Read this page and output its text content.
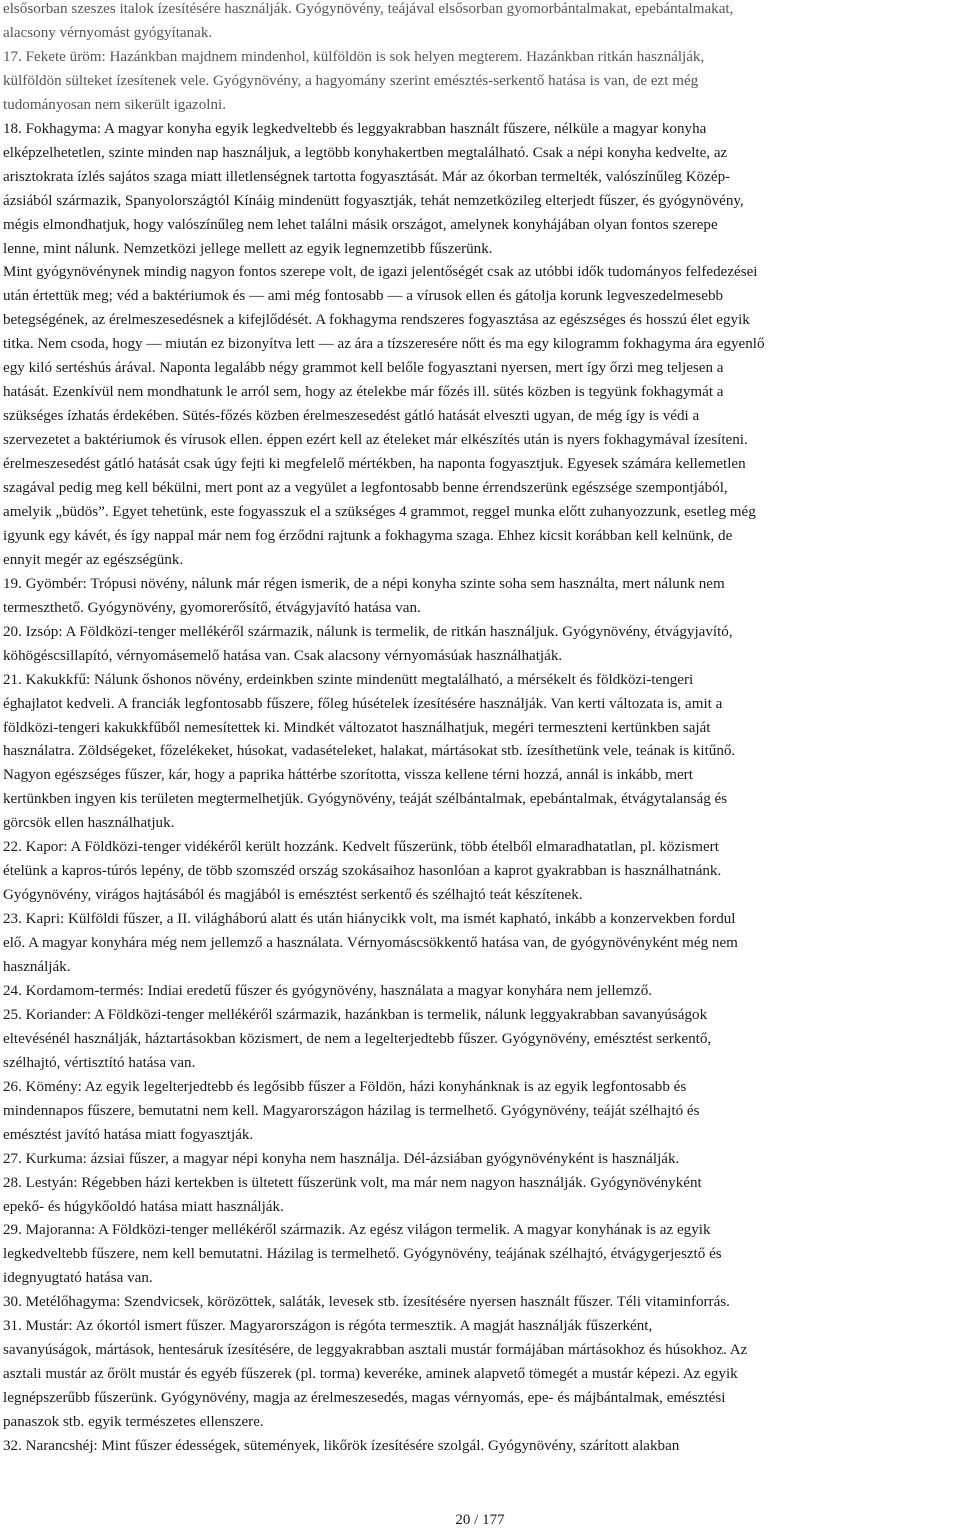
elsősorban szeszes italok ízesítésére használják. Gyógynövény, teájával elsősorban gyomorbántalmakat, epebántalmakat,
alacsony vérnyomást gyógyítanak.
17. Fekete üröm: Hazánkban majdnem mindenhol, külföldön is sok helyen megterem. Hazánkban ritkán használják,
külföldön sülteket ízesítenek vele. Gyógynövény, a hagyomány szerint emésztés-serkentő hatása is van, de ezt még
tudományosan nem sikerült igazolni.
18. Fokhagyma: A magyar konyha egyik legkedveltebb és leggyakrabban használt fűszere, nélküle a magyar konyha
elképzelhetetlen, szinte minden nap használjuk, a legtöbb konyhakertben megtalálható. Csak a népi konyha kedvelte, az
arisztokrata ízlés sajátos szaga miatt illetlenségnek tartotta fogyasztását. Már az ókorban termelték, valószínűleg Közép-
ázsiából származik, Spanyolországtól Kínáig mindenütt fogyasztják, tehát nemzetközileg elterjedt fűszer, és gyógynövény,
mégis elmondhatjuk, hogy valószínűleg nem lehet találni másik országot, amelynek konyhájában olyan fontos szerepe
lenne, mint nálunk. Nemzetközi jellege mellett az egyik legnemzetibb fűszerünk.
Mint gyógynövénynek mindig nagyon fontos szerepe volt, de igazi jelentőségét csak az utóbbi idők tudományos felfedezései
után értettük meg; véd a baktériumok és — ami még fontosabb — a vírusok ellen és gátolja korunk legveszedelmesebb
betegségének, az érelmeszesedésnek a kifejlődését. A fokhagyma rendszeres fogyasztása az egészséges és hosszú élet egyik
titka. Nem csoda, hogy — miután ez bizonyítva lett — az ára a tízszeresére nőtt és ma egy kilogramm fokhagyma ára egyenlő
egy kiló sertéshús árával. Naponta legalább négy grammot kell belőle fogyasztani nyersen, mert így őrzi meg teljesen a
hatását. Ezenkívül nem mondhatunk le arról sem, hogy az ételekbe már főzés ill. sütés közben is tegyünk fokhagymát a
szükséges ízhatás érdekében. Sütés-főzés közben érelmeszesedést gátló hatását elveszti ugyan, de még így is védi a
szervezetet a baktériumok és vírusok ellen. éppen ezért kell az ételeket már elkészítés után is nyers fokhagymával ízesíteni.
érelmeszesedést gátló hatását csak úgy fejti ki megfelelő mértékben, ha naponta fogyasztjuk. Egyesek számára kellemetlen
szagával pedig meg kell békülni, mert pont az a vegyület a legfontosabb benne érrendszerünk egészsége szempontjából,
amelyik „büdös”. Egyet tehetünk, este fogyasszuk el a szükséges 4 grammot, reggel munka előtt zuhanyozzunk, esetleg még
igyunk egy kávét, és így nappal már nem fog érződni rajtunk a fokhagyma szaga. Ehhez kicsit korábban kell kelnünk, de
ennyit megér az egészségünk.
19. Gyömbér: Trópusi növény, nálunk már régen ismerik, de a népi konyha szinte soha sem használta, mert nálunk nem
termeszthető. Gyógynövény, gyomorerősítő, étvágyjavító hatása van.
20. Izsóp: A Földközi-tenger mellékéről származik, nálunk is termelik, de ritkán használjuk. Gyógynövény, étvágyjavító,
köhögéscsillapító, vérnyomásemelő hatása van. Csak alacsony vérnyomásúak használhatják.
21. Kakukkfű: Nálunk őshonos növény, erdeinkben szinte mindenütt megtalálható, a mérsékelt és földközi-tengeri
éghajlatot kedveli. A franciák legfontosabb fűszere, főleg húsételek ízesítésére használják. Van kerti változata is, amit a
földközi-tengeri kakukkfűből nemesítettek ki. Mindkét változatot használhatjuk, megéri termeszteni kertünkben saját
használatra. Zöldségeket, főzelékeket, húsokat, vadasételeket, halakat, mártásokat stb. ízesíthetünk vele, teának is kitűnő.
Nagyon egészséges fűszer, kár, hogy a paprika háttérbe szorította, vissza kellene térni hozzá, annál is inkább, mert
kertünkben ingyen kis területen megtermelhetjük. Gyógynövény, teáját szélbántalmak, epebántalmak, étvágytalanság és
görcsök ellen használhatjuk.
22. Kapor: A Földközi-tenger vidékéről került hozzánk. Kedvelt fűszerünk, több ételből elmaradhatatlan, pl. közismert
ételünk a kapros-túrós lepény, de több szomszéd ország szokásaihoz hasonlóan a kaprot gyakrabban is használhatnánk.
Gyógynövény, virágos hajtásából és magjából is emésztést serkentő és szélhajtó teát készítenek.
23. Kapri: Külföldi fűszer, a II. világháború alatt és után hiánycikk volt, ma ismét kapható, inkább a konzervekben fordul
elő. A magyar konyhára még nem jellemző a használata. Vérnyomáscsökkentő hatása van, de gyógynövényként még nem
használják.
24. Kordamom-termés: Indiai eredetű fűszer és gyógynövény, használata a magyar konyhára nem jellemző.
25. Koriander: A Földközi-tenger mellékéről származik, hazánkban is termelik, nálunk leggyakrabban savanyúságok
eltevésénél használják, háztartásokban közismert, de nem a legelterjedtebb fűszer. Gyógynövény, emésztést serkentő,
szélhajtó, vértisztító hatása van.
26. Kömény: Az egyik legelterjedtebb és legősibb fűszer a Földön, házi konyhánknak is az egyik legfontosabb és
mindennapos fűszere, bemutatni nem kell. Magyarországon házilag is termelhető. Gyógynövény, teáját szélhajtó és
emésztést javító hatása miatt fogyasztják.
27. Kurkuma: ázsiai fűszer, a magyar népi konyha nem használja. Dél-ázsiában gyógynövényként is használják.
28. Lestyán: Régebben házi kertekben is ültetett fűszerünk volt, ma már nem nagyon használják. Gyógynövényként
epekő- és húgykőoldó hatása miatt használják.
29. Majoranna: A Földközi-tenger mellékéről származik. Az egész világon termelik. A magyar konyhának is az egyik
legkedveltebb fűszere, nem kell bemutatni. Házilag is termelhető. Gyógynövény, teájának szélhajtó, étvágygerjesztő és
idegnyugtató hatása van.
30. Metélőhagyma: Szendvicsek, körözöttek, saláták, levesek stb. ízesítésére nyersen használt fűszer. Téli vitaminforrás.
31. Mustár: Az ókortól ismert fűszer. Magyarországon is régóta termesztik. A magját használják fűszerként,
savanyúságok, mártások, hentesáruk ízesítésére, de leggyakrabban asztali mustár formájában mártásokhoz és húsokhoz. Az
asztali mustár az őrölt mustár és egyéb fűszerek (pl. torma) keveréke, aminek alapvető tömegét a mustár képezi. Az egyik
legnépszerűbb fűszerünk. Gyógynövény, magja az érelmeszesedés, magas vérnyomás, epe- és májbántalmak, emésztési
panaszok stb. egyik természetes ellenszere.
32. Narancshéj: Mint fűszer édességek, sütemények, likőrök ízesítésére szolgál. Gyógynövény, szárított alakban
20 / 177
